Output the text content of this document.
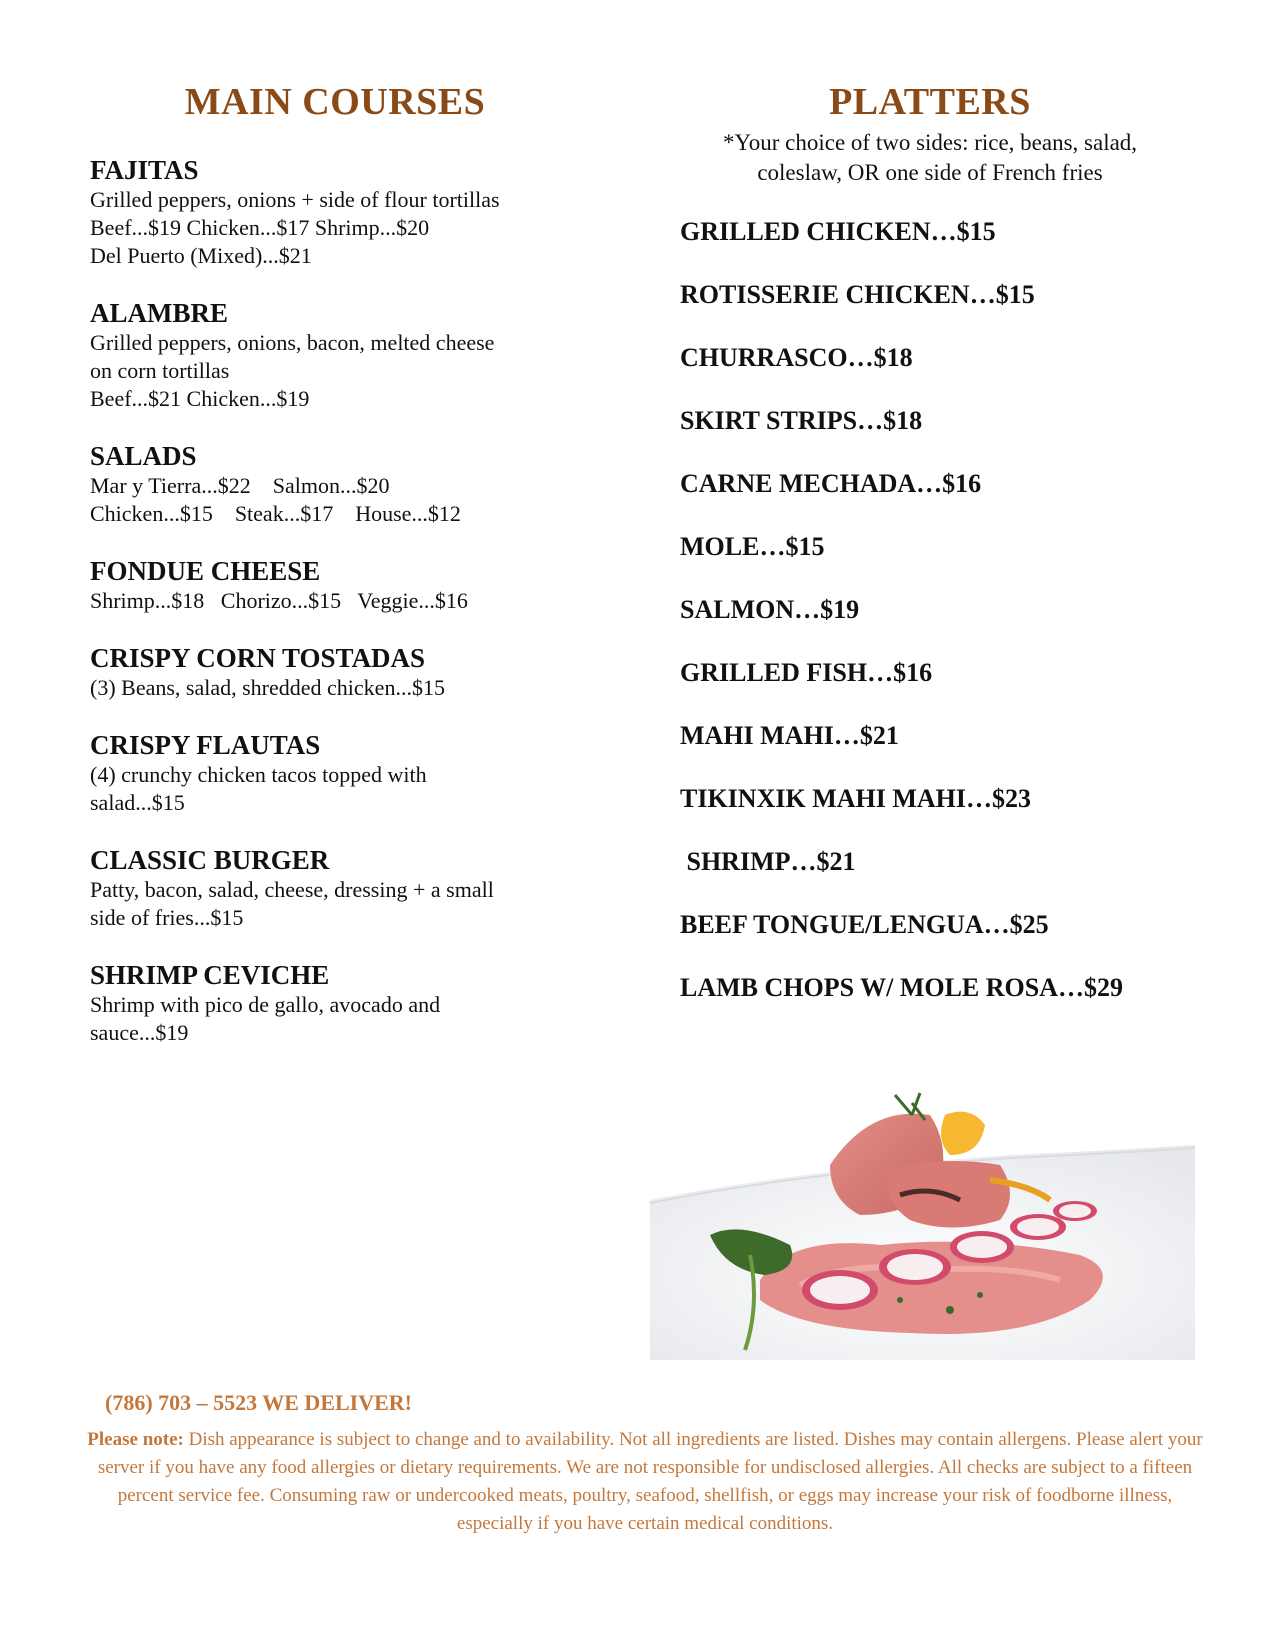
MAIN COURSES
FAJITAS
Grilled peppers, onions + side of flour tortillas
Beef...$19 Chicken...$17 Shrimp...$20
Del Puerto (Mixed)...$21
ALAMBRE
Grilled peppers, onions, bacon, melted cheese
on corn tortillas
Beef...$21 Chicken...$19
SALADS
Mar y Tierra...$22    Salmon...$20
Chicken...$15    Steak...$17    House...$12
FONDUE CHEESE
Shrimp...$18   Chorizo...$15   Veggie...$16
CRISPY CORN TOSTADAS
(3) Beans, salad, shredded chicken...$15
CRISPY FLAUTAS
(4) crunchy chicken tacos topped with
salad...$15
CLASSIC BURGER
Patty, bacon, salad, cheese, dressing + a small
side of fries...$15
SHRIMP CEVICHE
Shrimp with pico de gallo, avocado and
sauce...$19
PLATTERS
*Your choice of two sides: rice, beans, salad, coleslaw, OR one side of French fries
GRILLED CHICKEN…$15
ROTISSERIE CHICKEN…$15
CHURRASCO…$18
SKIRT STRIPS…$18
CARNE MECHADA…$16
MOLE…$15
SALMON…$19
GRILLED FISH…$16
MAHI MAHI…$21
TIKINXIK MAHI MAHI…$23
SHRIMP…$21
BEEF TONGUE/LENGUA…$25
LAMB CHOPS W/ MOLE ROSA…$29
(786) 703 – 5523 WE DELIVER!
Please note: Dish appearance is subject to change and to availability. Not all ingredients are listed. Dishes may contain allergens. Please alert your server if you have any food allergies or dietary requirements. We are not responsible for undisclosed allergies. All checks are subject to a fifteen percent service fee. Consuming raw or undercooked meats, poultry, seafood, shellfish, or eggs may increase your risk of foodborne illness, especially if you have certain medical conditions.
